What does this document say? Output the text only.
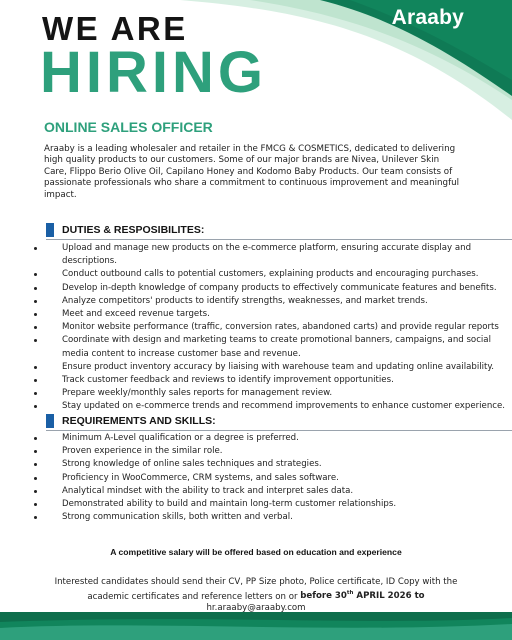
Araaby
WE ARE
HIRING
ONLINE SALES OFFICER

Araaby is a leading wholesaler and retailer in the FMCG & COSMETICS, dedicated to delivering high quality products to our customers. Some of our major brands are Nivea, Unilever Skin Care, Flippo Berio Olive Oil, Capilano Honey and Kodomo Baby Products. Our team consists of passionate professionals who share a commitment to continuous improvement and meaningful impact.

DUTIES & RESPOSIBILITES:
Upload and manage new products on the e-commerce platform, ensuring accurate display and descriptions.
Conduct outbound calls to potential customers, explaining products and encouraging purchases.
Develop in-depth knowledge of company products to effectively communicate features and benefits.
Analyze competitors' products to identify strengths, weaknesses, and market trends.
Meet and exceed revenue targets.
Monitor website performance (traffic, conversion rates, abandoned carts) and provide regular reports
Coordinate with design and marketing teams to create promotional banners, campaigns, and social media content to increase customer base and revenue.
Ensure product inventory accuracy by liaising with warehouse team and updating online availability.
Track customer feedback and reviews to identify improvement opportunities.
Prepare weekly/monthly sales reports for management review.
Stay updated on e-commerce trends and recommend improvements to enhance customer experience.
REQUIREMENTS AND SKILLS:
Minimum A-Level qualification or a degree is preferred.
Proven experience in the similar role.
Strong knowledge of online sales techniques and strategies.
Proficiency in WooCommerce, CRM systems, and sales software.
Analytical mindset with the ability to track and interpret sales data.
Demonstrated ability to build and maintain long-term customer relationships.
Strong communication skills, both written and verbal.

A competitive salary will be offered based on education and experience

Interested candidates should send their CV, PP Size photo, Police certificate, ID Copy with the academic certificates and reference letters on or before 30th APRIL 2026 to
hr.araaby@araaby.com
